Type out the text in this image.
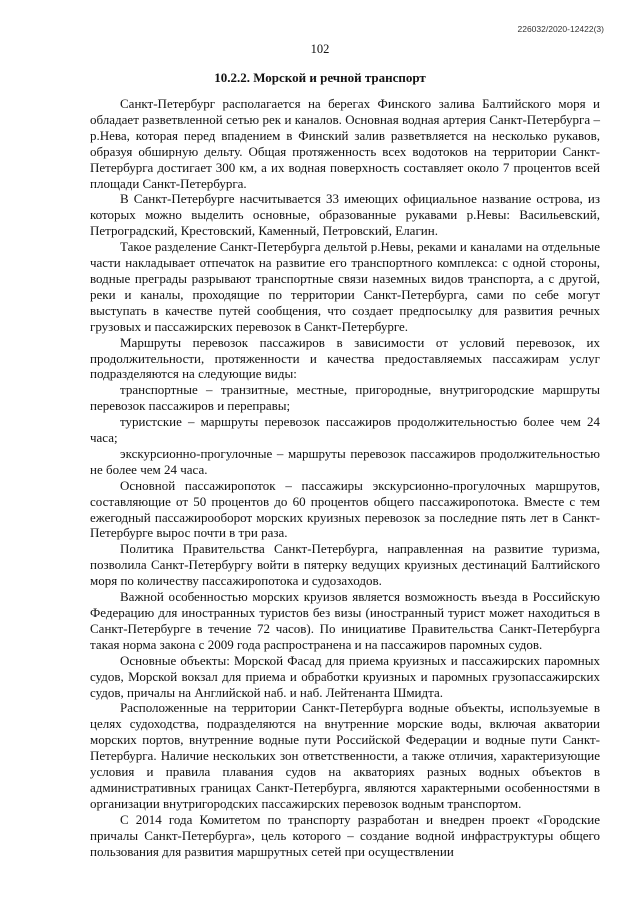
226032/2020-12422(3)
102
10.2.2. Морской и речной транспорт

Санкт-Петербург располагается на берегах Финского залива Балтийского моря и обладает разветвленной сетью рек и каналов. Основная водная артерия Санкт-Петербурга – р.Нева, которая перед впадением в Финский залив разветвляется на несколько рукавов, образуя обширную дельту. Общая протяженность всех водотоков на территории Санкт-Петербурга достигает 300 км, а их водная поверхность составляет около 7 процентов всей площади Санкт-Петербурга.

В Санкт-Петербурге насчитывается 33 имеющих официальное название острова, из которых можно выделить основные, образованные рукавами р.Невы: Васильевский, Петроградский, Крестовский, Каменный, Петровский, Елагин.

Такое разделение Санкт-Петербурга дельтой р.Невы, реками и каналами на отдельные части накладывает отпечаток на развитие его транспортного комплекса: с одной стороны, водные преграды разрывают транспортные связи наземных видов транспорта, а с другой, реки и каналы, проходящие по территории Санкт-Петербурга, сами по себе могут выступать в качестве путей сообщения, что создает предпосылку для развития речных грузовых и пассажирских перевозок в Санкт-Петербурге.

Маршруты перевозок пассажиров в зависимости от условий перевозок, их продолжительности, протяженности и качества предоставляемых пассажирам услуг подразделяются на следующие виды:

транспортные – транзитные, местные, пригородные, внутригородские маршруты перевозок пассажиров и переправы;

туристские – маршруты перевозок пассажиров продолжительностью более чем 24 часа;

экскурсионно-прогулочные – маршруты перевозок пассажиров продолжительностью не более чем 24 часа.

Основной пассажиропоток – пассажиры экскурсионно-прогулочных маршрутов, составляющие от 50 процентов до 60 процентов общего пассажиропотока. Вместе с тем ежегодный пассажирооборот морских круизных перевозок за последние пять лет в Санкт-Петербурге вырос почти в три раза.

Политика Правительства Санкт-Петербурга, направленная на развитие туризма, позволила Санкт-Петербургу войти в пятерку ведущих круизных дестинаций Балтийского моря по количеству пассажиропотока и судозаходов.

Важной особенностью морских круизов является возможность въезда в Российскую Федерацию для иностранных туристов без визы (иностранный турист может находиться в Санкт-Петербурге в течение 72 часов). По инициативе Правительства Санкт-Петербурга такая норма закона с 2009 года распространена и на пассажиров паромных судов.

Основные объекты: Морской Фасад для приема круизных и пассажирских паромных судов, Морской вокзал для приема и обработки круизных и паромных грузопассажирских судов, причалы на Английской наб. и наб. Лейтенанта Шмидта.

Расположенные на территории Санкт-Петербурга водные объекты, используемые в целях судоходства, подразделяются на внутренние морские воды, включая акватории морских портов, внутренние водные пути Российской Федерации и водные пути Санкт-Петербурга. Наличие нескольких зон ответственности, а также отличия, характеризующие условия и правила плавания судов на акваториях разных водных объектов в административных границах Санкт-Петербурга, являются характерными особенностями в организации внутригородских пассажирских перевозок водным транспортом.

С 2014 года Комитетом по транспорту разработан и внедрен проект «Городские причалы Санкт-Петербурга», цель которого – создание водной инфраструктуры общего пользования для развития маршрутных сетей при осуществлении
